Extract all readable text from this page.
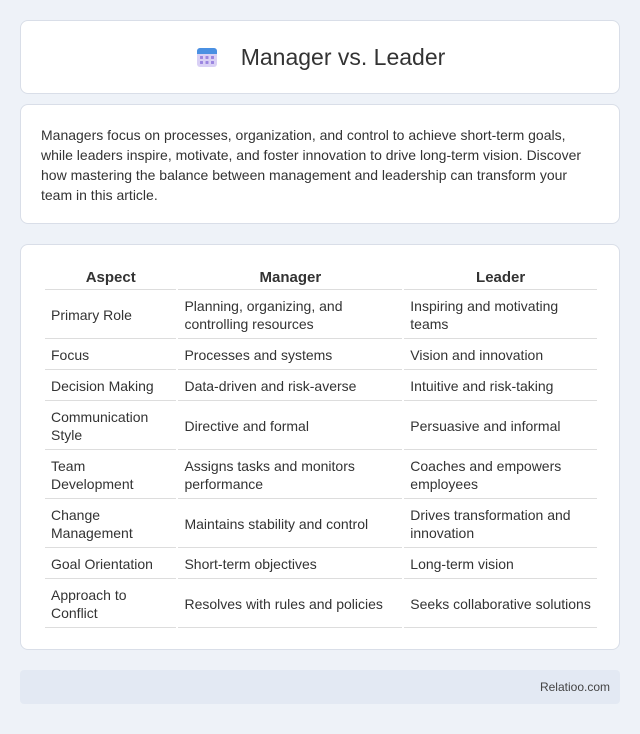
Manager vs. Leader

Managers focus on processes, organization, and control to achieve short-term goals, while leaders inspire, motivate, and foster innovation to drive long-term vision. Discover how mastering the balance between management and leadership can transform your team in this article.

Aspect	Manager	Leader
Primary Role	Planning, organizing, and controlling resources	Inspiring and motivating teams
Focus	Processes and systems	Vision and innovation
Decision Making	Data-driven and risk-averse	Intuitive and risk-taking
Communication Style	Directive and formal	Persuasive and informal
Team Development	Assigns tasks and monitors performance	Coaches and empowers employees
Change Management	Maintains stability and control	Drives transformation and innovation
Goal Orientation	Short-term objectives	Long-term vision
Approach to Conflict	Resolves with rules and policies	Seeks collaborative solutions
Relatioo.com
